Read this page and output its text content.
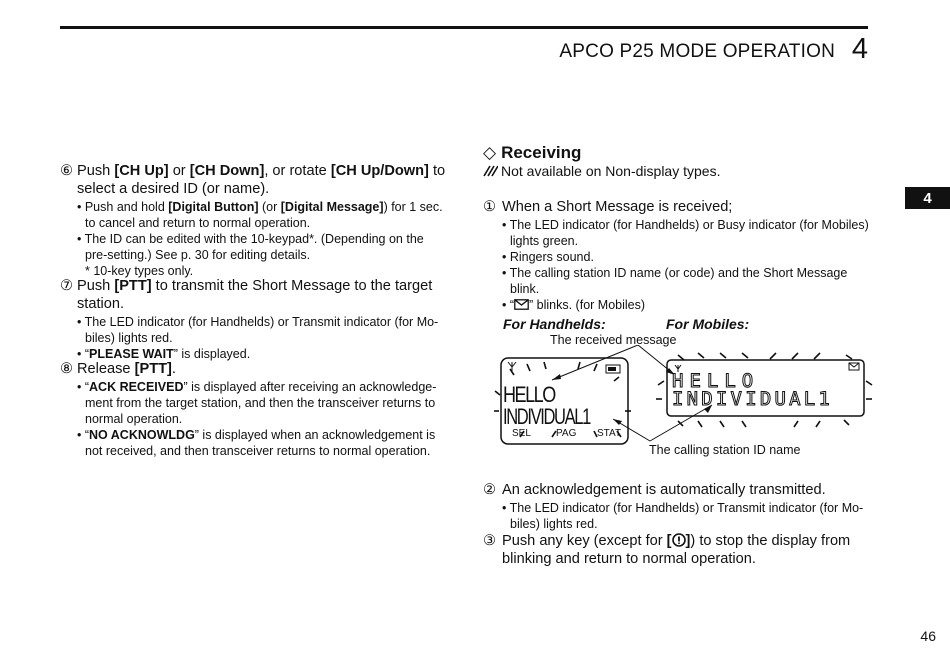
APCO P25 MODE OPERATION 4
4
⑥ Push [CH Up] or [CH Down], or rotate [CH Up/Down] to
select a desired ID (or name).
• Push and hold [Digital Button] (or [Digital Message]) for 1 sec.
to cancel and return to normal operation.
• The ID can be edited with the 10-keypad*. (Depending on the
pre-setting.) See p. 30 for editing details.
* 10-key types only.
⑦ Push [PTT] to transmit the Short Message to the target
station.
• The LED indicator (for Handhelds) or Transmit indicator (for Mo-
biles) lights red.
• “PLEASE WAIT” is displayed.
⑧ Release [PTT].
• “ACK RECEIVED” is displayed after receiving an acknowledge-
ment from the target station, and then the transceiver returns to
normal operation.
• “NO ACKNOWLDG” is displayed when an acknowledgement is
not received, and then transceiver returns to normal operation.
◇ Receiving
Not available on Non-display types.
① When a Short Message is received;
• The LED indicator (for Handhelds) or Busy indicator (for Mobiles)
lights green.
• Ringers sound.
• The calling station ID name (or code) and the Short Message
blink.
• “ ” blinks. (for Mobiles)
For Handhelds:	For Mobiles:
The received message
The calling station ID name
HELLO
INDIVIDUAL1
SEL	PAG STAT
HELLO
INDIVIDUAL1
② An acknowledgement is automatically transmitted.
• The LED indicator (for Handhelds) or Transmit indicator (for Mo-
biles) lights red.
③ Push any key (except for [ ]) to stop the display from
blinking and return to normal operation.
46
